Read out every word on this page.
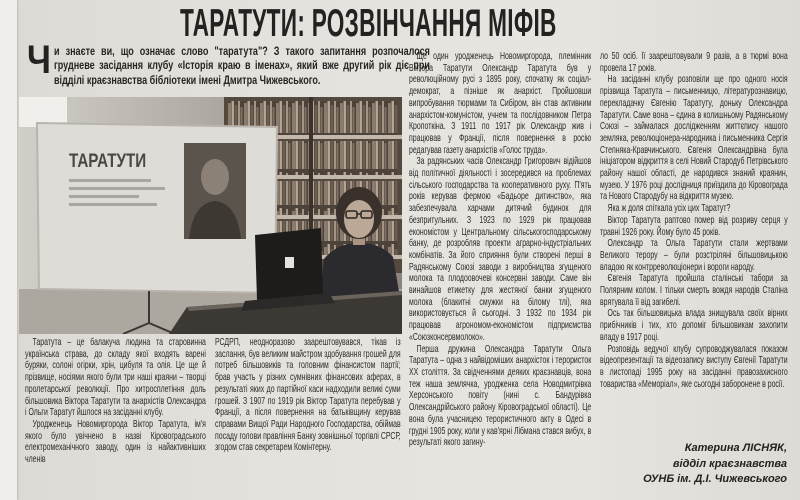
ТАРАТУТИ: РОЗВІНЧАННЯ МІФІВ
Ч и знаєте ви, що означає слово "таратута"? З такого запитання розпочалося грудневе засідання клубу «Історія краю в іменах», який вже другий рік діє при відділі краєзнавства бібліотеки імені Дмитра Чижевського.
ТАРАТУТИ

Таратута – це балакуча людина та старовинна українська страва, до складу якої входять варені буряки, солоні огірки, хрін, цибуля та олія. Це ще й прізвище, носіями якого були три наші краяни – творці пролетарської революції. Про хитросплетіння доль більшовика Віктора Таратути та анархістів Олександра і Ольги Таратут йшлося на засіданні клубу.

Уродженець Новомиргорода Віктор Таратута, ім'я якого було увічнено в назві Кіровоградського електромеханічного заводу, один із найактивніших членів

РСДРП, неодноразово заарештовувався, тікав із заслання, був великим майстром здобування грошей для потреб більшовиків та головним фінансистом партії; брав участь у різних сумнівних фінансових аферах, в результаті яких до партійної каси надходили великі суми грошей. З 1907 по 1919 рік Віктор Таратута перебував у Франції, а після повернення на батьківщину керував справами Вищої Ради Народного Господарства, обіймав посаду голови правління Банку зовнішньої торгівлі СРСР, згодом став секретарем Комінтерну.

Ще один уродженець Новомиргорода, племінник Віктора Таратути Олександр Таратута був у революційному русі з 1895 року, спочатку як соціал-демократ, а пізніше як анархіст. Пройшовши випробування тюрмами та Сибіром, він став активним анархістом-комуністом, учнем та послідовником Петра Кропоткіна. З 1911 по 1917 рік Олександр жив і працював у Франції, після повернення в росію редагував газету анархістів «Голос труда».

За радянських часів Олександр Григорович відійшов від політичної діяльності і зосередився на проблемах сільського господарства та кооперативного руху. П'ять років керував фермою «Бадьоре дитинство», яка забезпечувала харчами дитячий будинок для безпритульних. З 1923 по 1929 рік працював економістом у Центральному сільськогосподарському банку, де розробляв проекти аграрно-індустріальних комбінатів. За його сприяння були створені перші в Радянському Союзі заводи з виробництва згущеного молока та плодоовочеві консервні заводи. Саме він винайшов етикетку для жестяної банки згущеного молока (блакитні смужки на білому тлі), яка використовується й сьогодні. З 1932 по 1934 рік працював агрономом-економістом підприємства «Союзконсервмолоко».

Перша дружина Олександра Таратути Ольга Таратута – одна з найвідоміших анархісток і терористок XX століття. За свідченнями деяких краєзнавців, вона теж наша землячка, уродженка села Новодмитрівка Херсонського повіту (нині с. Бандурівка Олександрійського району Кіровоградської області). Це вона була учасницею терористичного акту в Одесі в грудні 1905 року, коли у кав'ярні Лібмана стався вибух, в результаті якого загину-

ло 50 осіб. Її заарештовували 9 разів, а в тюрмі вона провела 17 років.

На засіданні клубу розповіли ще про одного носія прізвища Таратута – письменницю, літературознавицю, перекладачку Євгенію Таратуту, доньку Олександра Таратути. Саме вона – єдина в колишньому Радянському Союзі – займалася дослідженням життєпису нашого земляка, революціонера-народника і письменника Сергія Степняка-Кравчинського. Євгенія Олександрівна була ініціатором відкриття в селі Новий Стародуб Петрівського району нашої області, де народився знаний краянин, музею. У 1976 році дослідниця приїздила до Кіровограда та Нового Стародубу на відкриття музею.

Яка ж доля спіткала усіх цих Таратут?

Віктор Таратута раптово помер від розриву серця у травні 1926 року. Йому було 45 років.

Олександр та Ольга Таратути стали жертвами Великого терору – були розстріляні більшовицькою владою як контрреволюціонери і вороги народу.

Євгенія Таратута пройшла сталінські табори за Полярним колом. І тільки смерть вождя народів Сталіна врятувала її від загибелі.

Ось так більшовицька влада знищувала своїх вірних прибічників і тих, хто допоміг більшовикам захопити владу в 1917 році.

Розповідь ведучої клубу супроводжувалася показом відеопрезентації та відеозапису виступу Євгенії Таратути в листопаді 1995 року на засіданні правозахисного товариства «Меморіал», яке сьогодні заборонене в росії.

Катерина ЛІСНЯК,
відділ краєзнавства
ОУНБ ім. Д.І. Чижевського
